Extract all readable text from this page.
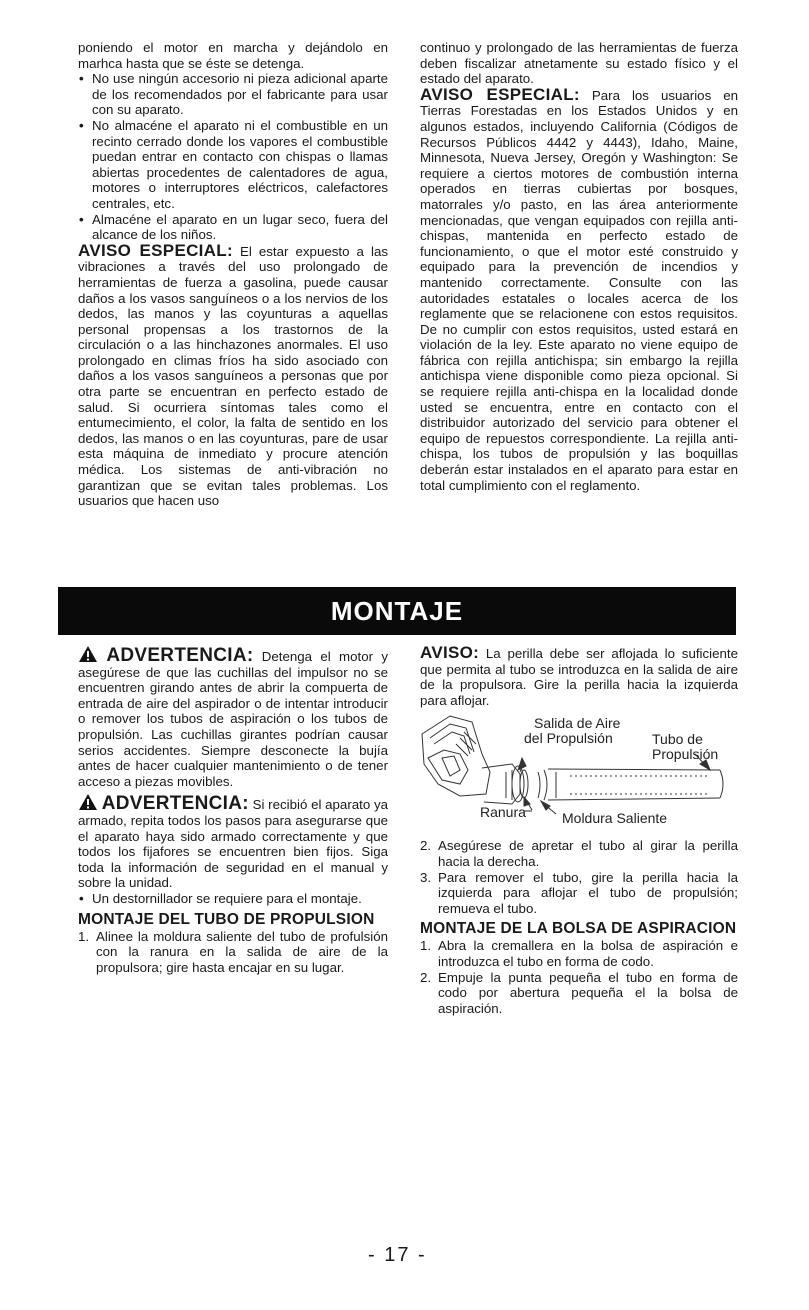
poniendo el motor en marcha y dejándolo en marhca hasta que se éste se detenga.

• No use ningún accesorio ni pieza adicional aparte de los recomendados por el fabricante para usar con su aparato.
• No almacéne el aparato ni el combustible en un recinto cerrado donde los vapores el combustible puedan entrar en contacto con chispas o llamas abiertas procedentes de calentadores de agua, motores o interruptores eléctricos, calefactores centrales, etc.
• Almacéne el aparato en un lugar seco, fuera del alcance de los niños.

AVISO ESPECIAL: El estar expuesto a las vibraciones a través del uso prolongado de herramientas de fuerza a gasolina, puede causar daños a los vasos sanguíneos o a los nervios de los dedos, las manos y las coyunturas a aquellas personal propensas a los trastornos de la circulación o a las hinchazones anormales. El uso prolongado en climas fríos ha sido asociado con daños a los vasos sanguíneos a personas que por otra parte se encuentran en perfecto estado de salud. Si ocurriera síntomas tales como el entumecimiento, el color, la falta de sentido en los dedos, las manos o en las coyunturas, pare de usar esta máquina de inmediato y procure atención médica. Los sistemas de anti-vibración no garantizan que se evitan tales problemas. Los usuarios que hacen uso

continuo y prolongado de las herramientas de fuerza deben fiscalizar atnetamente su estado físico y el estado del aparato.

AVISO ESPECIAL: Para los usuarios en Tierras Forestadas en los Estados Unidos y en algunos estados, incluyendo California (Códigos de Recursos Públicos 4442 y 4443), Idaho, Maine, Minnesota, Nueva Jersey, Oregón y Washington: Se requiere a ciertos motores de combustión interna operados en tierras cubiertas por bosques, matorrales y/o pasto, en las área anteriormente mencionadas, que vengan equipados con rejilla anti-chispas, mantenida en perfecto estado de funcionamiento, o que el motor esté construido y equipado para la prevención de incendios y mantenido correctamente. Consulte con las autoridades estatales o locales acerca de los reglamente que se relacionene con estos requisitos. De no cumplir con estos requisitos, usted estará en violación de la ley. Este aparato no viene equipo de fábrica con rejilla antichispa; sin embargo la rejilla antichispa viene disponible como pieza opcional. Si se requiere rejilla anti-chispa en la localidad donde usted se encuentra, entre en contacto con el distribuidor autorizado del servicio para obtener el equipo de repuestos correspondiente. La rejilla anti-chispa, los tubos de propulsión y las boquillas deberán estar instalados en el aparato para estar en total cumplimiento con el reglamento.

MONTAJE

ADVERTENCIA: Detenga el motor y asegúrese de que las cuchillas del impulsor no se encuentren girando antes de abrir la compuerta de entrada de aire del aspirador o de intentar introducir o remover los tubos de aspiración o los tubos de propulsión. Las cuchillas girantes podrían causar serios accidentes. Siempre desconecte la bujía antes de hacer cualquier mantenimiento o de tener acceso a piezas movibles.

ADVERTENCIA: Si recibió el aparato ya armado, repita todos los pasos para asegurarse que el aparato haya sido armado correctamente y que todos los fijafores se encuentren bien fijos. Siga toda la información de seguridad en el manual y sobre la unidad.

• Un destornillador se requiere para el montaje.
MONTAJE DEL TUBO DE PROPULSION
1. Alinee la moldura saliente del tubo de profulsión con la ranura en la salida de aire de la propulsora; gire hasta encajar en su lugar.

AVISO: La perilla debe ser aflojada lo suficiente que permita al tubo se introduzca en la salida de aire de la propulsora. Gire la perilla hacia la izquierda para aflojar.

Salida de Aire
del Propulsión	Tubo de
Propulsión
Ranura	Moldura Saliente
2. Asegúrese de apretar el tubo al girar la perilla hacia la derecha.
3. Para remover el tubo, gire la perilla hacia la izquierda para aflojar el tubo de propulsión; remueva el tubo.
MONTAJE DE LA BOLSA DE ASPIRACION
1. Abra la cremallera en la bolsa de aspiración e introduzca el tubo en forma de codo.
2. Empuje la punta pequeña el tubo en forma de codo por abertura pequeña el la bolsa de aspiración.
- 17 -
